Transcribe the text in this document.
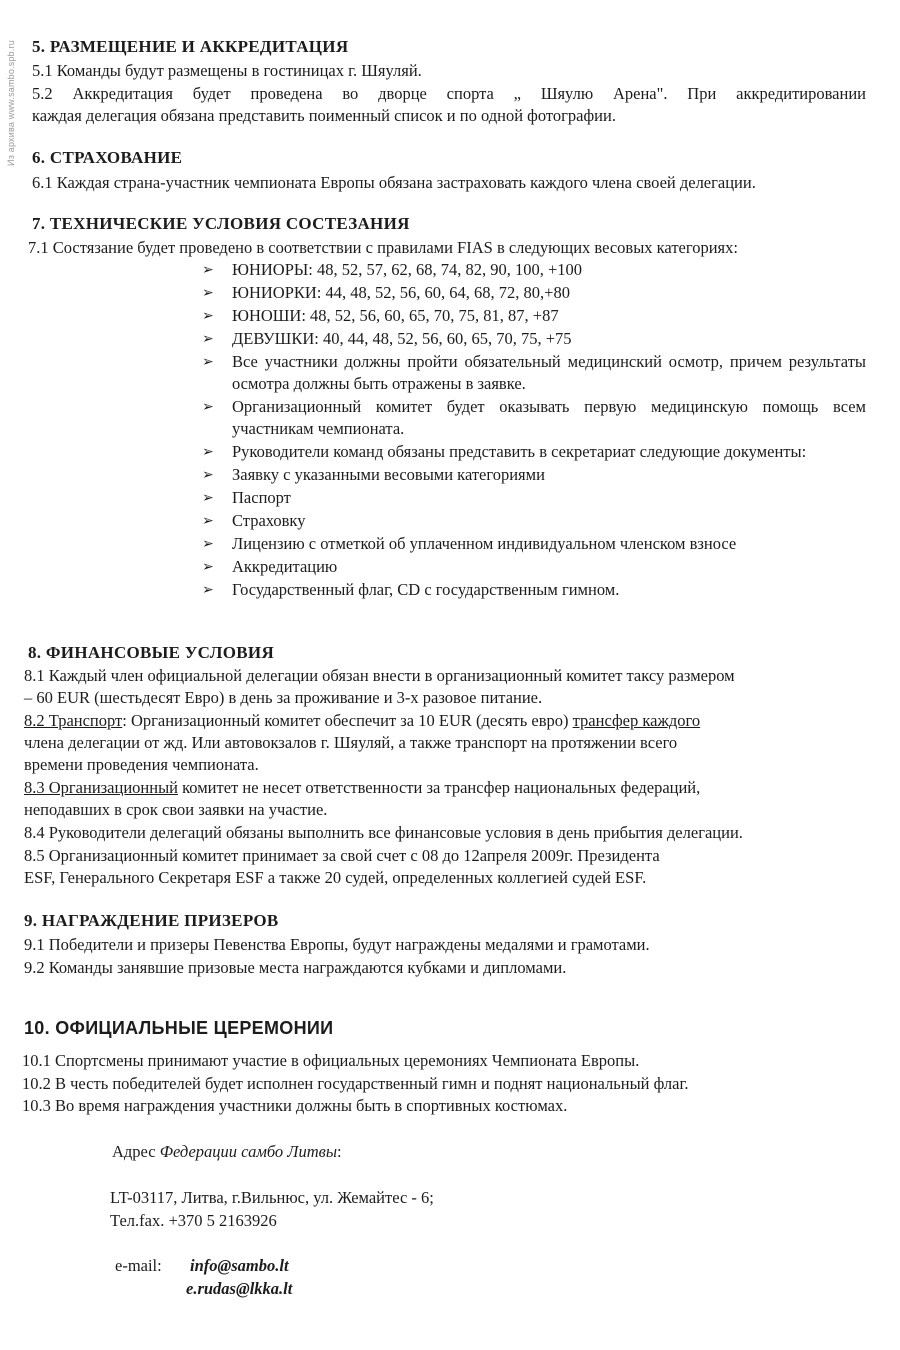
Из архива www.sambo.spb.ru 5. РАЗМЕЩЕНИЕ И АККРЕДИТАЦИЯ
5.1 Команды будут размещены в гостиницах г. Шяуляй.
5.2 Аккредитация будет проведена во дворце спорта „ Шяулю Арена". При аккредитировании
каждая делегация обязана представить поименный список и по одной фотографии.
6. СТРАХОВАНИЕ
6.1 Каждая страна-участник чемпионата Европы обязана застраховать каждого члена своей делегации.
7. ТЕХНИЧЕСКИЕ УСЛОВИЯ СОСТЕЗАНИЯ
7.1 Состязание будет проведено в соответствии с правилами FIAS в следующих весовых категориях:
➢ ЮНИОРЫ: 48, 52, 57, 62, 68, 74, 82, 90, 100, +100
➢ ЮНИОРКИ: 44, 48, 52, 56, 60, 64, 68, 72, 80,+80
➢ ЮНОШИ: 48, 52, 56, 60, 65, 70, 75, 81, 87, +87
➢ ДЕВУШКИ: 40, 44, 48, 52, 56, 60, 65, 70, 75, +75
➢ Все участники должны пройти обязательный медицинский осмотр, причем результаты осмотра должны быть отражены в заявке.
➢ Организационный комитет будет оказывать первую медицинскую помощь всем участникам чемпионата.
➢ Руководители команд обязаны представить в секретариат следующие документы:
➢ Заявку с указанными весовыми категориями
➢ Паспорт
➢ Страховку
➢ Лицензию с отметкой об уплаченном индивидуальном членском взносе
➢ Аккредитацию
➢ Государственный флаг, CD с государственным гимном.
8. ФИНАНСОВЫЕ УСЛОВИЯ
8.1 Каждый член официальной делегации обязан внести в организационный комитет таксу размером
– 60 EUR (шестьдесят Евро) в день за проживание и 3-х разовое питание.
8.2 Транспорт: Организационный комитет обеспечит за 10 EUR (десять евро) трансфер каждого
члена делегации от жд. Или автовокзалов г. Шяуляй, а также транспорт на протяжении всего
времени проведения чемпионата.
8.3 Организационный комитет не несет ответственности за трансфер национальных федераций,
неподавших в срок свои заявки на участие.
8.4 Руководители делегаций обязаны выполнить все финансовые условия в день прибытия делегации.
8.5 Организационный комитет принимает за свой счет с 08 до 12апреля 2009г. Президента
ESF, Генерального Секретаря ESF а также 20 судей, определенных коллегией судей ESF.
9. НАГРАЖДЕНИЕ ПРИЗЕРОВ
9.1 Победители и призеры Певенства Европы, будут награждены медалями и грамотами.
9.2 Команды занявшие призовые места награждаются кубками и дипломами.
10. ОФИЦИАЛЬНЫЕ ЦЕРЕМОНИИ
10.1 Спортсмены принимают участие в официальных церемониях Чемпионата Европы.
10.2 В честь победителей будет исполнен государственный гимн и поднят национальный флаг.
10.3 Во время награждения участники должны быть в спортивных костюмах.
Адрес Федерации самбо Литвы:
LT-03117, Литва, г.Вильнюс, ул. Жемайтес - 6;
Тел.fax. +370 5 2163926
e-mail: info@sambo.lt
e.rudas@lkka.lt
